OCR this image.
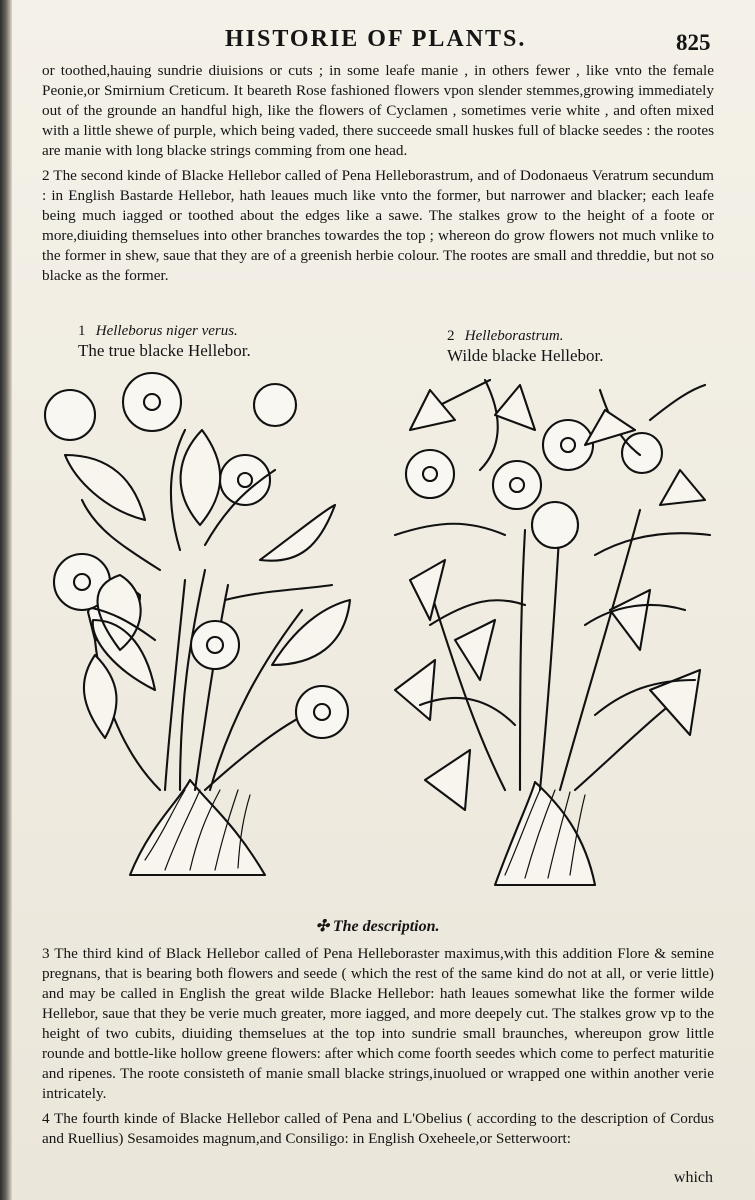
HISTORIE OF PLANTS.	825

or toothed,hauing sundrie diuisions or cuts ; in some leafe manie , in others fewer , like vnto the female Peonie,or Smirnium Creticum. It beareth Rose fashioned flowers vpon slender stemmes,growing immediately out of the grounde an handful high, like the flowers of Cyclamen , sometimes verie white , and often mixed with a little shewe of purple, which being vaded, there succeede small huskes full of blacke seedes : the rootes are manie with long blacke strings comming from one head.

2 The second kinde of Blacke Hellebor called of Pena Helleborastrum, and of Dodonaeus Veratrum secundum : in English Bastarde Hellebor, hath leaues much like vnto the former, but narrower and blacker; each leafe being much iagged or toothed about the edges like a sawe. The stalkes grow to the height of a foote or more,diuiding themselues into other branches towardes the top ; whereon do grow flowers not much vnlike to the former in shew, saue that they are of a greenish herbie colour. The rootes are small and threddie, but not so blacke as the former.

1 Helleborus niger verus.
The true blacke Hellebor.
2 Helleborastrum.
Wilde blacke Hellebor.
✣ The description.

3 The third kind of Black Hellebor called of Pena Helleboraster maximus,with this addition Flore & semine pregnans, that is bearing both flowers and seede ( which the rest of the same kind do not at all, or verie little) and may be called in English the great wilde Blacke Hellebor: hath leaues somewhat like the former wilde Hellebor, saue that they be verie much greater, more iagged, and more deepely cut. The stalkes grow vp to the height of two cubits, diuiding themselues at the top into sundrie small braunches, whereupon grow little rounde and bottle-like hollow greene flowers: after which come foorth seedes which come to perfect maturitie and ripenes. The roote consisteth of manie small blacke strings,inuolued or wrapped one within another verie intricately.

4 The fourth kinde of Blacke Hellebor called of Pena and L'Obelius ( according to the description of Cordus and Ruellius) Sesamoides magnum,and Consiligo: in English Oxeheele,or Setterwoort:

which
